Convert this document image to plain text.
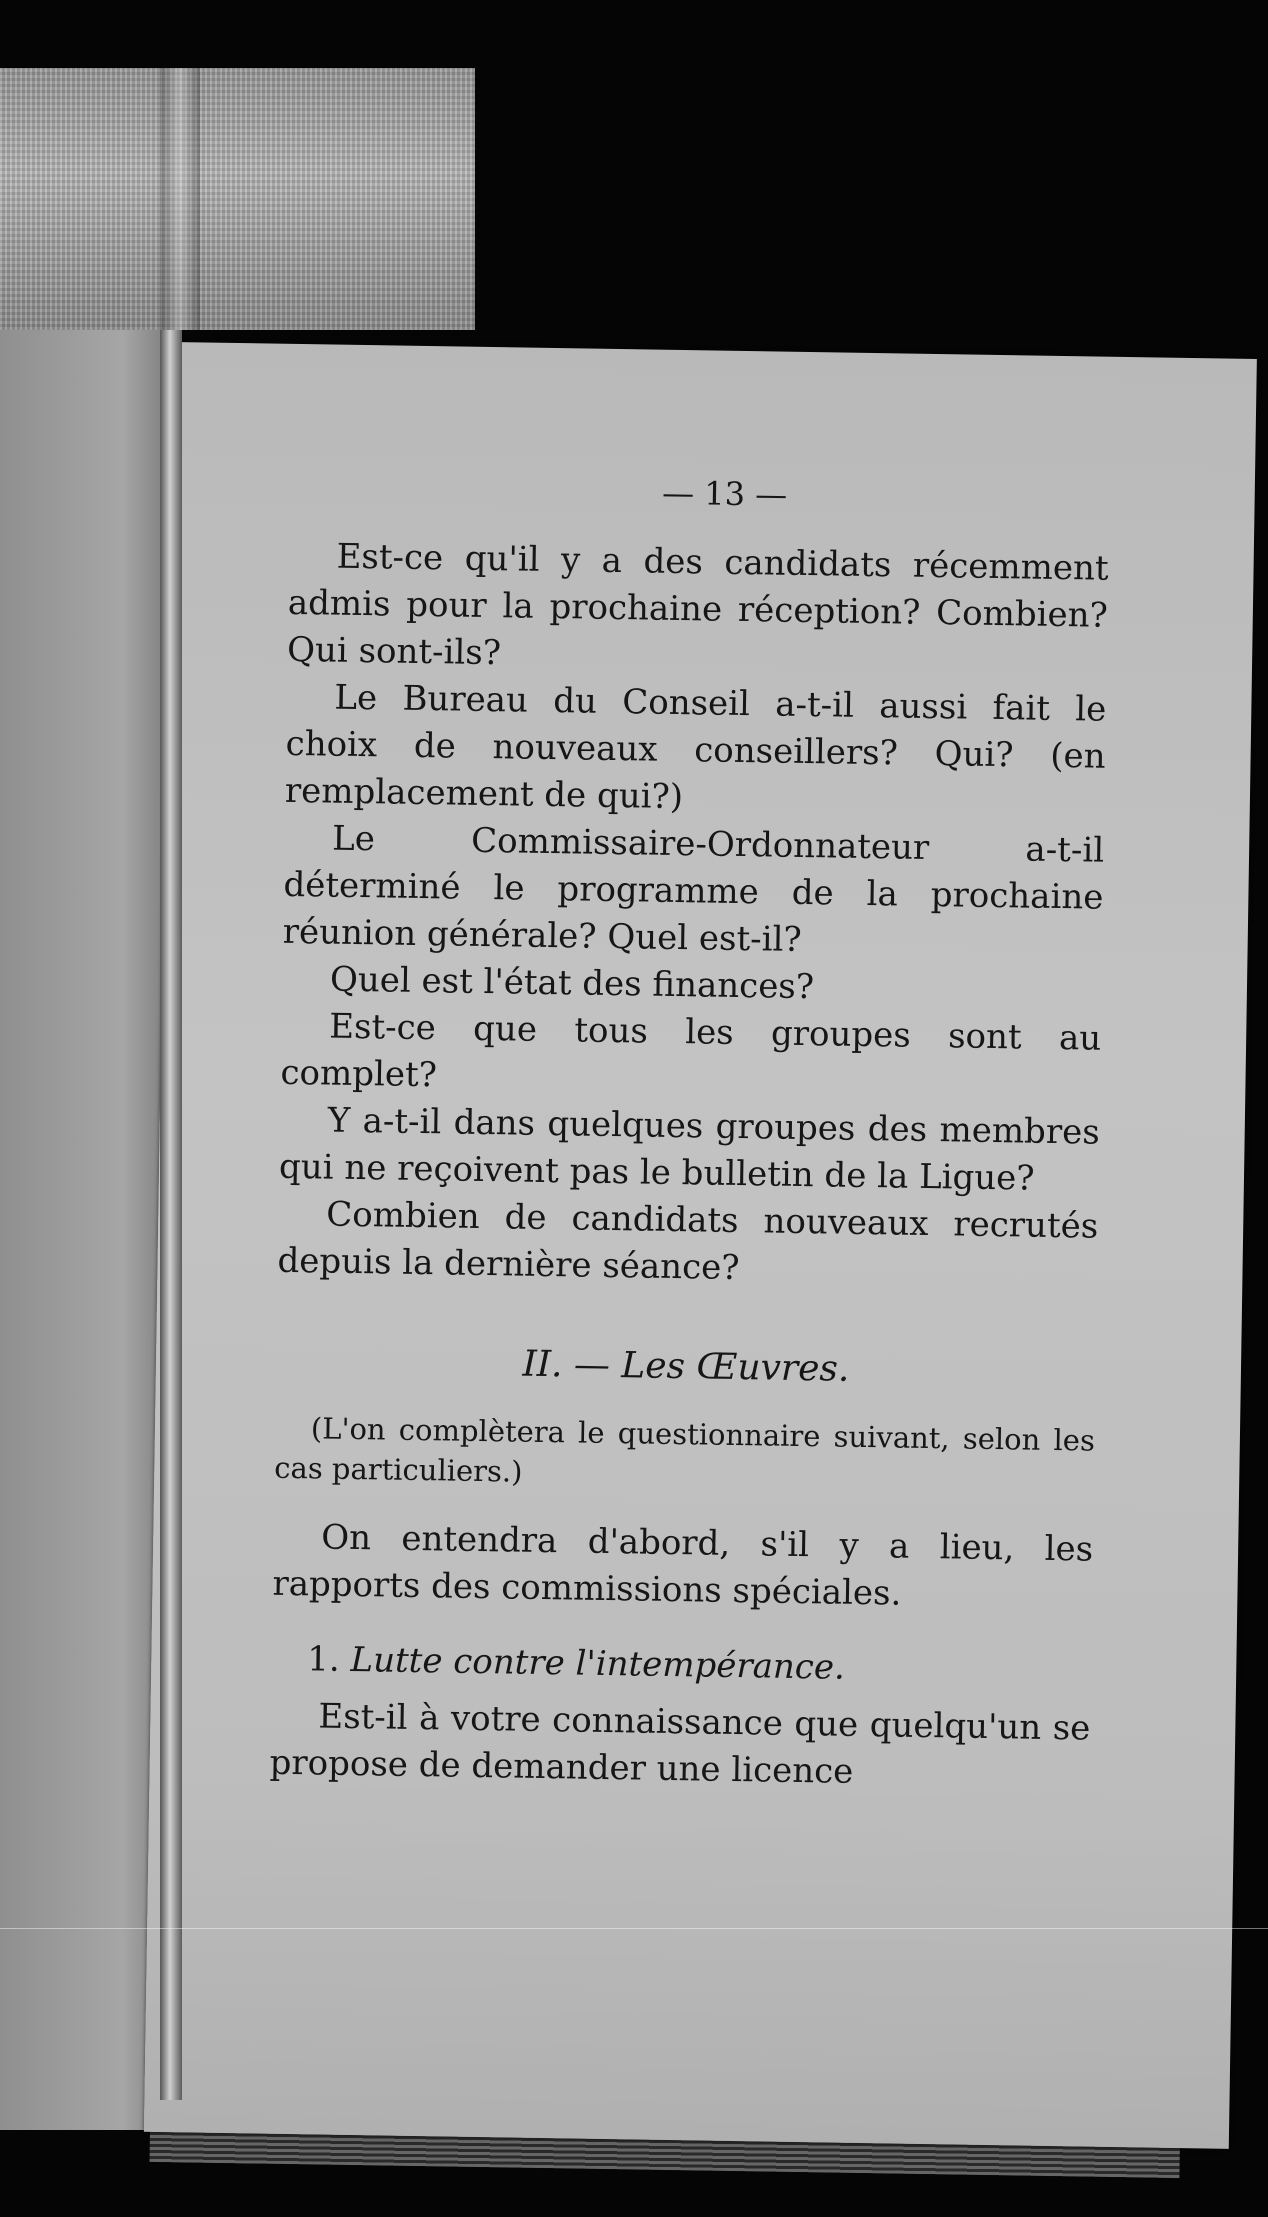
— 13 —

Est-ce qu'il y a des candidats récemment admis pour la prochaine réception? Combien? Qui sont-ils?

Le Bureau du Conseil a-t-il aussi fait le choix de nouveaux conseillers? Qui? (en remplacement de qui?)

Le Commissaire-Ordonnateur a-t-il déterminé le programme de la prochaine réunion générale? Quel est-il?

Quel est l'état des finances?

Est-ce que tous les groupes sont au complet?

Y a-t-il dans quelques groupes des membres qui ne reçoivent pas le bulletin de la Ligue?

Combien de candidats nouveaux recrutés depuis la dernière séance?

II. — Les Œuvres.

(L'on complètera le questionnaire suivant, selon les cas particuliers.)

On entendra d'abord, s'il y a lieu, les rapports des commissions spéciales.

1. Lutte contre l'intempérance.

Est-il à votre connaissance que quelqu'un se propose de demander une licence
